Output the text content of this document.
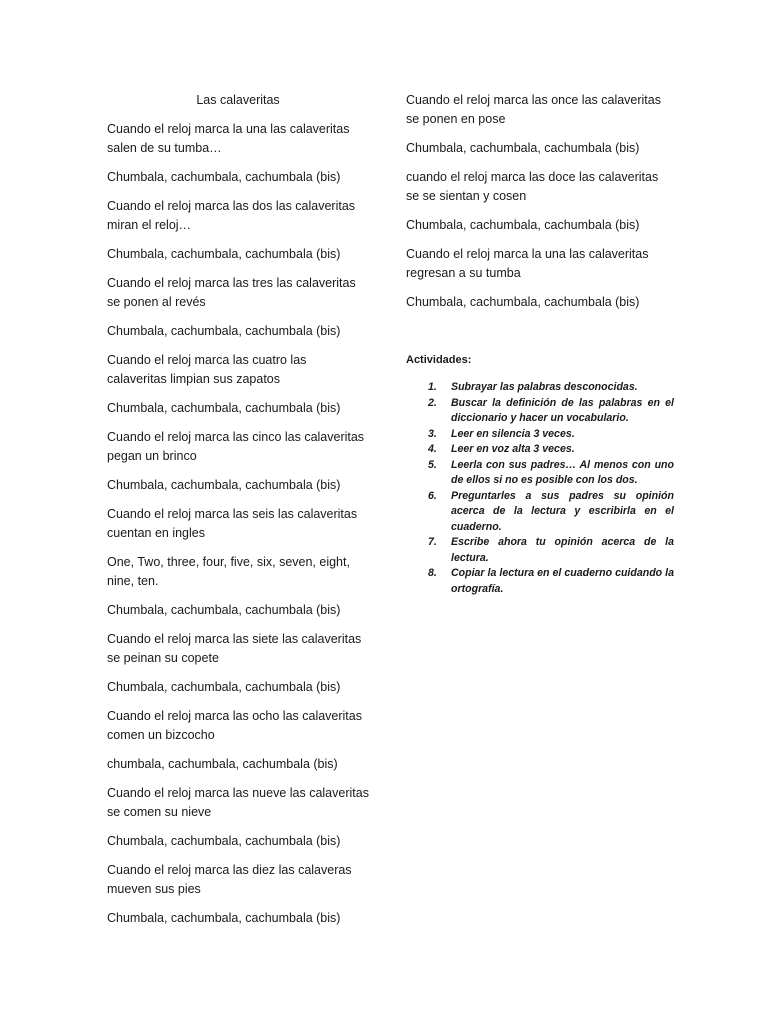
Las calaveritas

Cuando el reloj marca la una las calaveritas salen de su tumba…

Chumbala, cachumbala, cachumbala (bis)

Cuando el reloj marca las dos las calaveritas miran el reloj…

Chumbala, cachumbala, cachumbala (bis)

Cuando el reloj marca las tres las calaveritas se ponen al revés

Chumbala, cachumbala, cachumbala (bis)

Cuando el reloj marca las cuatro las calaveritas limpian sus zapatos

Chumbala, cachumbala, cachumbala (bis)

Cuando el reloj marca las cinco las calaveritas pegan un brinco

Chumbala, cachumbala, cachumbala (bis)

Cuando el reloj marca las seis las calaveritas cuentan en ingles

One, Two, three, four, five, six, seven, eight, nine, ten.

Chumbala, cachumbala, cachumbala (bis)

Cuando el reloj marca las siete las calaveritas se peinan su copete

Chumbala, cachumbala, cachumbala (bis)

Cuando el reloj marca las ocho las calaveritas comen un bizcocho

chumbala, cachumbala, cachumbala (bis)

Cuando el reloj marca las nueve las calaveritas se comen su nieve

Chumbala, cachumbala, cachumbala (bis)

Cuando el reloj marca las diez las calaveras mueven sus pies

Chumbala, cachumbala, cachumbala (bis)

Cuando el reloj marca las once las calaveritas se ponen en pose

Chumbala, cachumbala, cachumbala (bis)

cuando el reloj marca las doce las calaveritas se se sientan y cosen

Chumbala, cachumbala, cachumbala (bis)

Cuando el reloj marca la una las calaveritas regresan a su tumba

Chumbala, cachumbala, cachumbala (bis)

Actividades:
1. Subrayar las palabras desconocidas.
2. Buscar la definición de las palabras en el diccionario y hacer un vocabulario.
3. Leer en silencia 3 veces.
4. Leer en voz alta 3 veces.
5. Leerla con sus padres… Al menos con uno de ellos si no es posible con los dos.
6. Preguntarles a sus padres su opinión acerca de la lectura y escribirla en el cuaderno.
7. Escribe ahora tu opinión acerca de la lectura.
8. Copiar la lectura en el cuaderno cuidando la ortografía.
